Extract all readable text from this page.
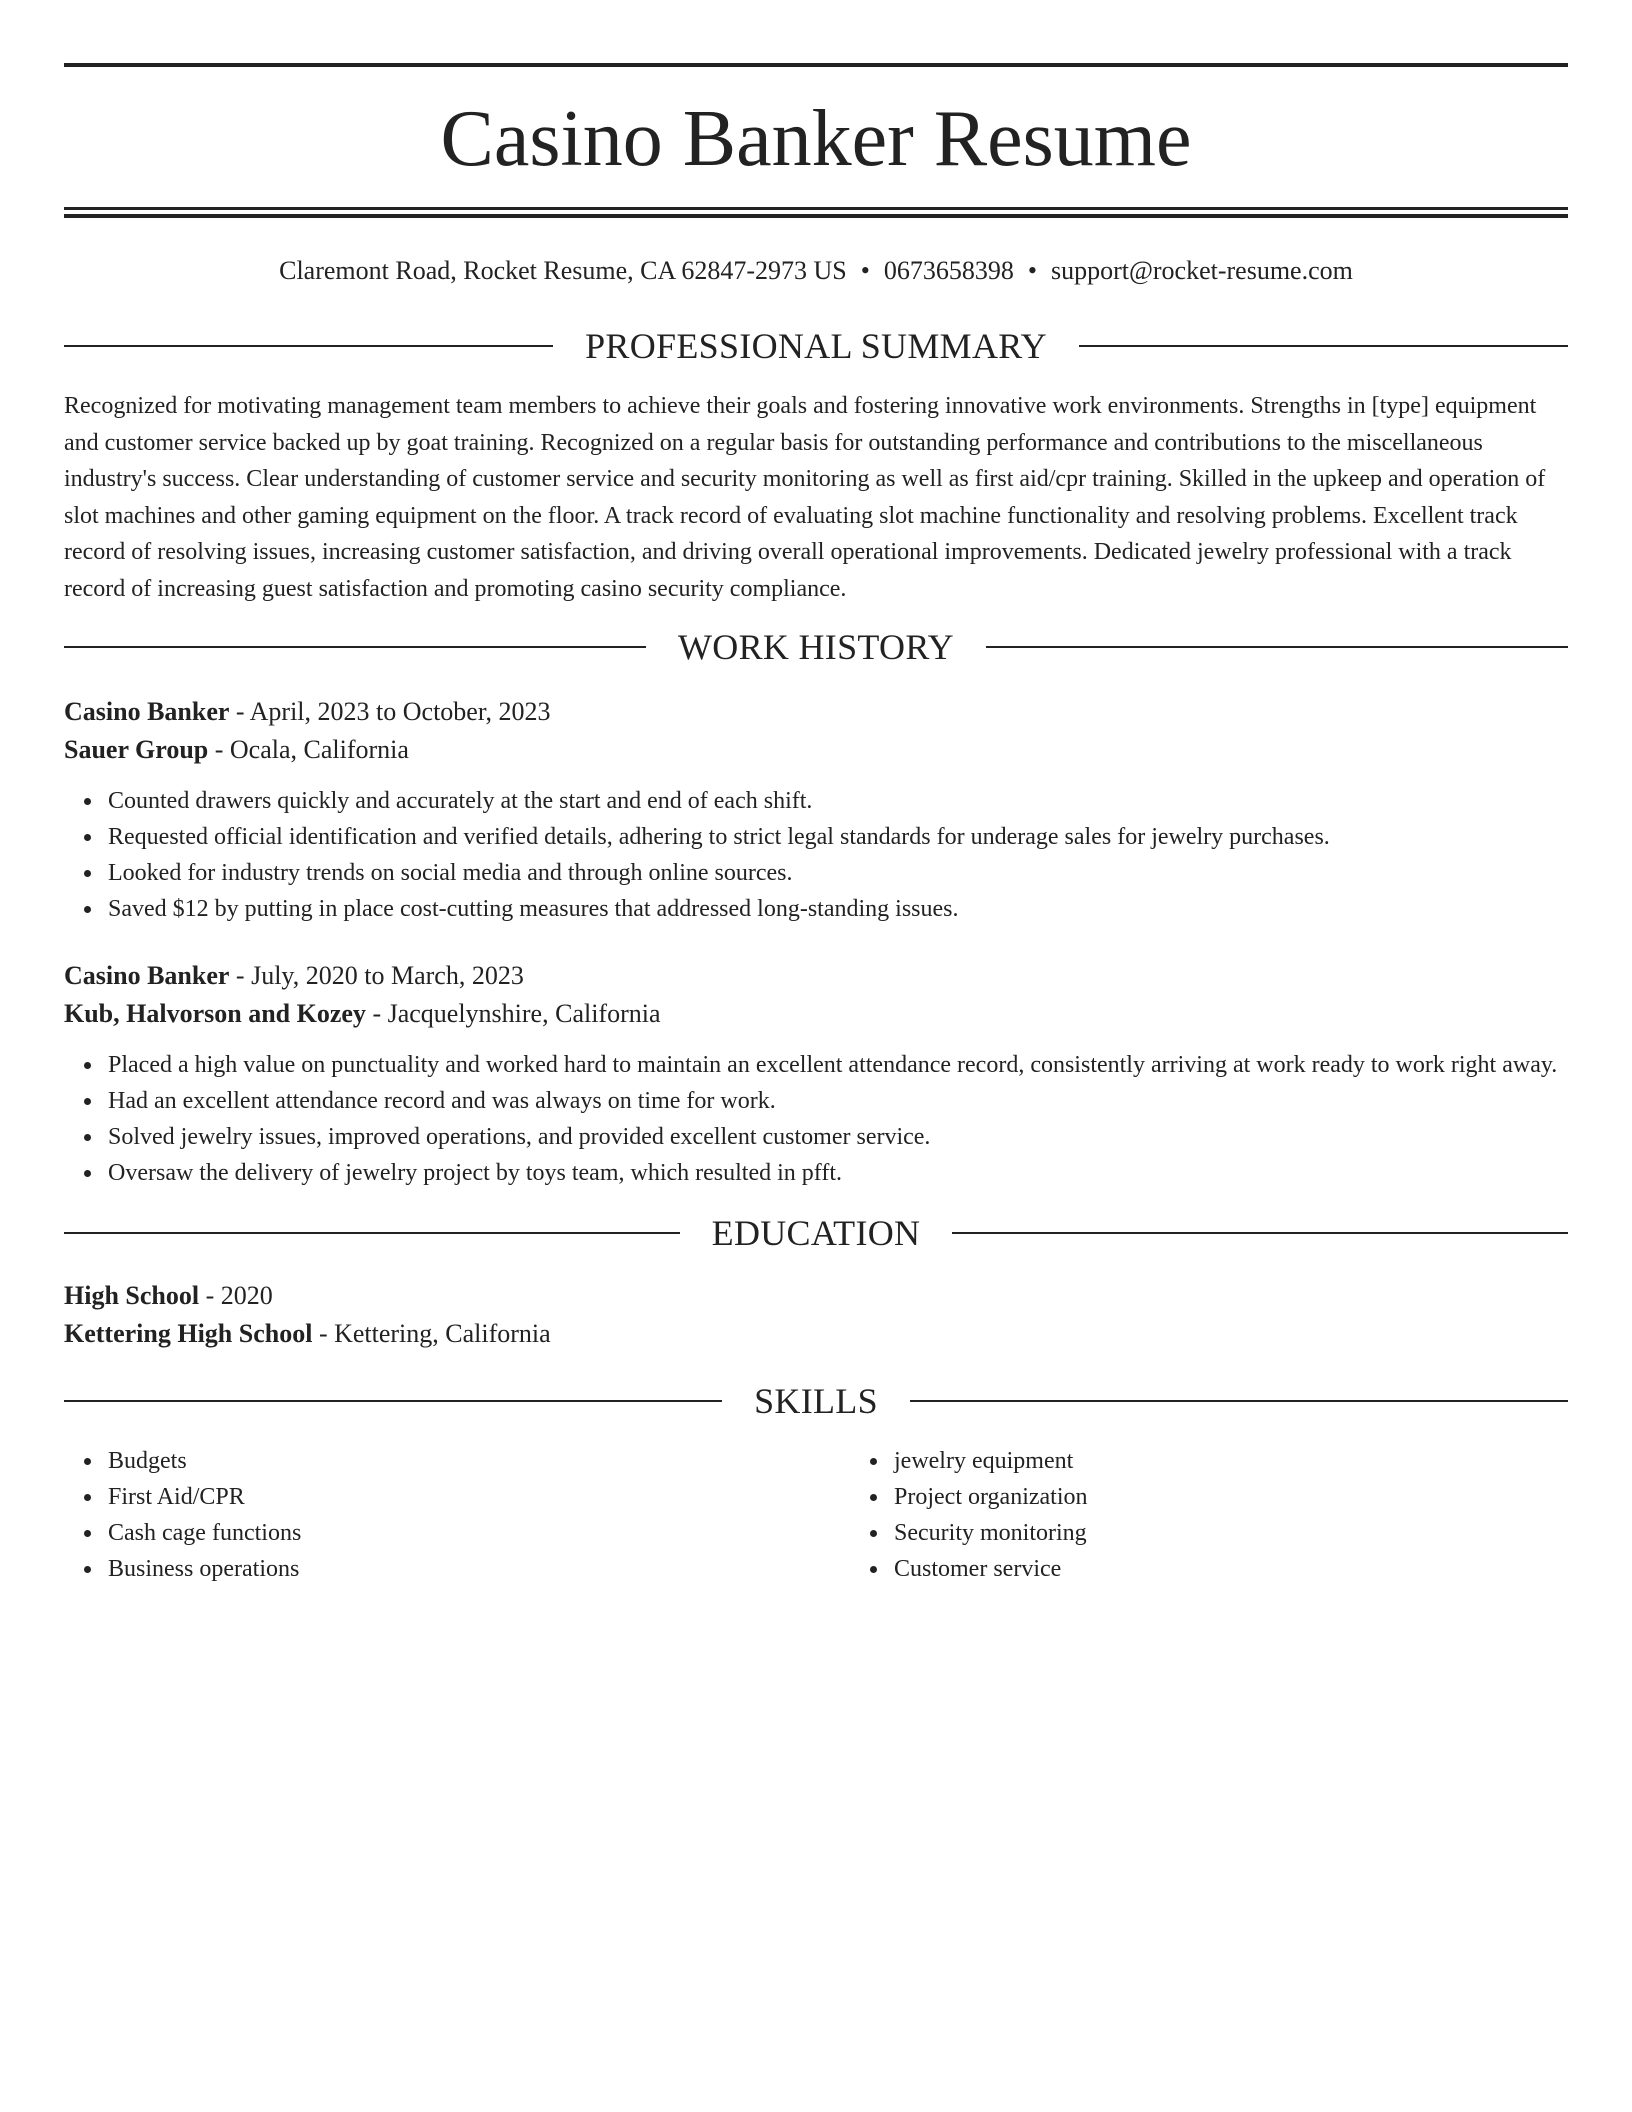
Casino Banker Resume
Claremont Road, Rocket Resume, CA 62847-2973 US • 0673658398 • support@rocket-resume.com
PROFESSIONAL SUMMARY
Recognized for motivating management team members to achieve their goals and fostering innovative work environments. Strengths in [type] equipment and customer service backed up by goat training. Recognized on a regular basis for outstanding performance and contributions to the miscellaneous industry's success. Clear understanding of customer service and security monitoring as well as first aid/cpr training. Skilled in the upkeep and operation of slot machines and other gaming equipment on the floor. A track record of evaluating slot machine functionality and resolving problems. Excellent track record of resolving issues, increasing customer satisfaction, and driving overall operational improvements. Dedicated jewelry professional with a track record of increasing guest satisfaction and promoting casino security compliance.
WORK HISTORY
Casino Banker - April, 2023 to October, 2023
Sauer Group - Ocala, California
Counted drawers quickly and accurately at the start and end of each shift.
Requested official identification and verified details, adhering to strict legal standards for underage sales for jewelry purchases.
Looked for industry trends on social media and through online sources.
Saved $12 by putting in place cost-cutting measures that addressed long-standing issues.
Casino Banker - July, 2020 to March, 2023
Kub, Halvorson and Kozey - Jacquelynshire, California
Placed a high value on punctuality and worked hard to maintain an excellent attendance record, consistently arriving at work ready to work right away.
Had an excellent attendance record and was always on time for work.
Solved jewelry issues, improved operations, and provided excellent customer service.
Oversaw the delivery of jewelry project by toys team, which resulted in pfft.
EDUCATION
High School - 2020
Kettering High School - Kettering, California
SKILLS
Budgets
First Aid/CPR
Cash cage functions
Business operations
jewelry equipment
Project organization
Security monitoring
Customer service
